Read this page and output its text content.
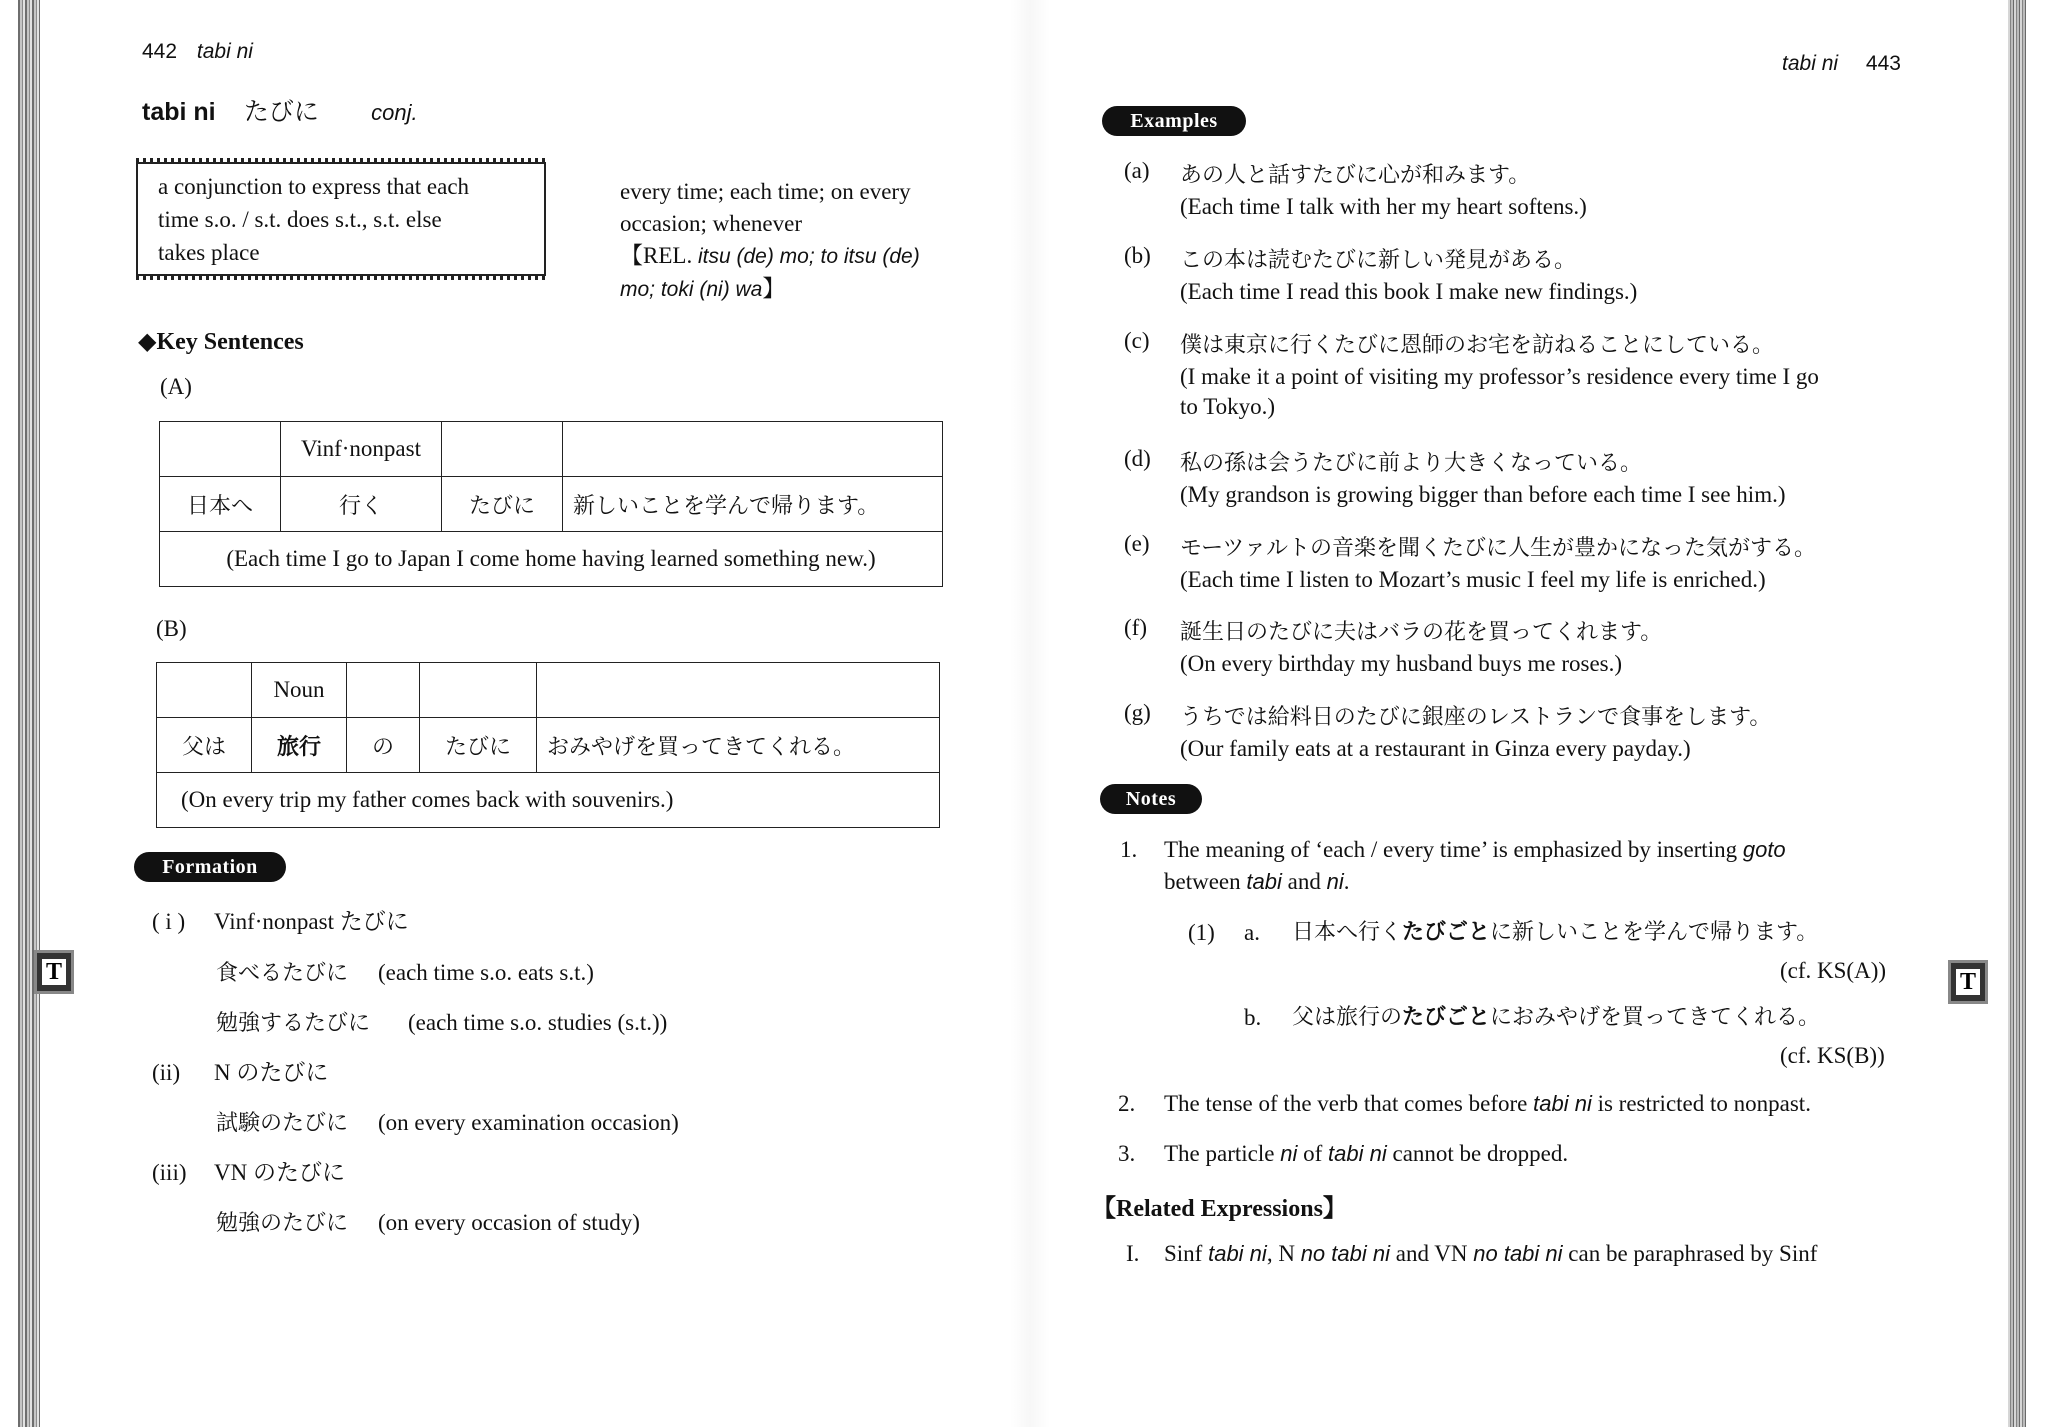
442 tabi ni
tabi ni たびに conj.
a conjunction to express that each
time s.o. / s.t. does s.t., s.t. else
takes place
every time; each time; on every
occasion; whenever
【REL. itsu (de) mo; to itsu (de)
mo; toki (ni) wa】
◆Key Sentences
(A)
	Vinf·nonpast		
日本へ	行く	たびに	新しいことを学んで帰ります。
(Each time I go to Japan I come home having learned something new.)			
(B)
	Noun			
父は	旅行	の	たびに	おみやげを買ってきてくれる。
(On every trip my father comes back with souvenirs.)				
Formation
( i ) Vinf·nonpast たびに
食べるたびに (each time s.o. eats s.t.)
勉強するたびに (each time s.o. studies (s.t.))
(ii) N のたびに
試験のたびに (on every examination occasion)
(iii) VN のたびに
勉強のたびに (on every occasion of study)
T
tabi ni 443
Examples
(a) あの人と話すたびに心が和みます。
(Each time I talk with her my heart softens.)
(b) この本は読むたびに新しい発見がある。
(Each time I read this book I make new findings.)
(c) 僕は東京に行くたびに恩師のお宅を訪ねることにしている。
(I make it a point of visiting my professor’s residence every time I go
to Tokyo.)
(d) 私の孫は会うたびに前より大きくなっている。
(My grandson is growing bigger than before each time I see him.)
(e) モーツァルトの音楽を聞くたびに人生が豊かになった気がする。
(Each time I listen to Mozart’s music I feel my life is enriched.)
(f) 誕生日のたびに夫はバラの花を買ってくれます。
(On every birthday my husband buys me roses.)
(g) うちでは給料日のたびに銀座のレストランで食事をします。
(Our family eats at a restaurant in Ginza every payday.)
Notes
1. The meaning of ‘each / every time’ is emphasized by inserting goto
between tabi and ni.
(1) a. 日本へ行くたびごとに新しいことを学んで帰ります。
(cf. KS(A))
b. 父は旅行のたびごとにおみやげを買ってきてくれる。
(cf. KS(B))
2. The tense of the verb that comes before tabi ni is restricted to nonpast.
3. The particle ni of tabi ni cannot be dropped.
【Related Expressions】
I. Sinf tabi ni, N no tabi ni and VN no tabi ni can be paraphrased by Sinf
T
